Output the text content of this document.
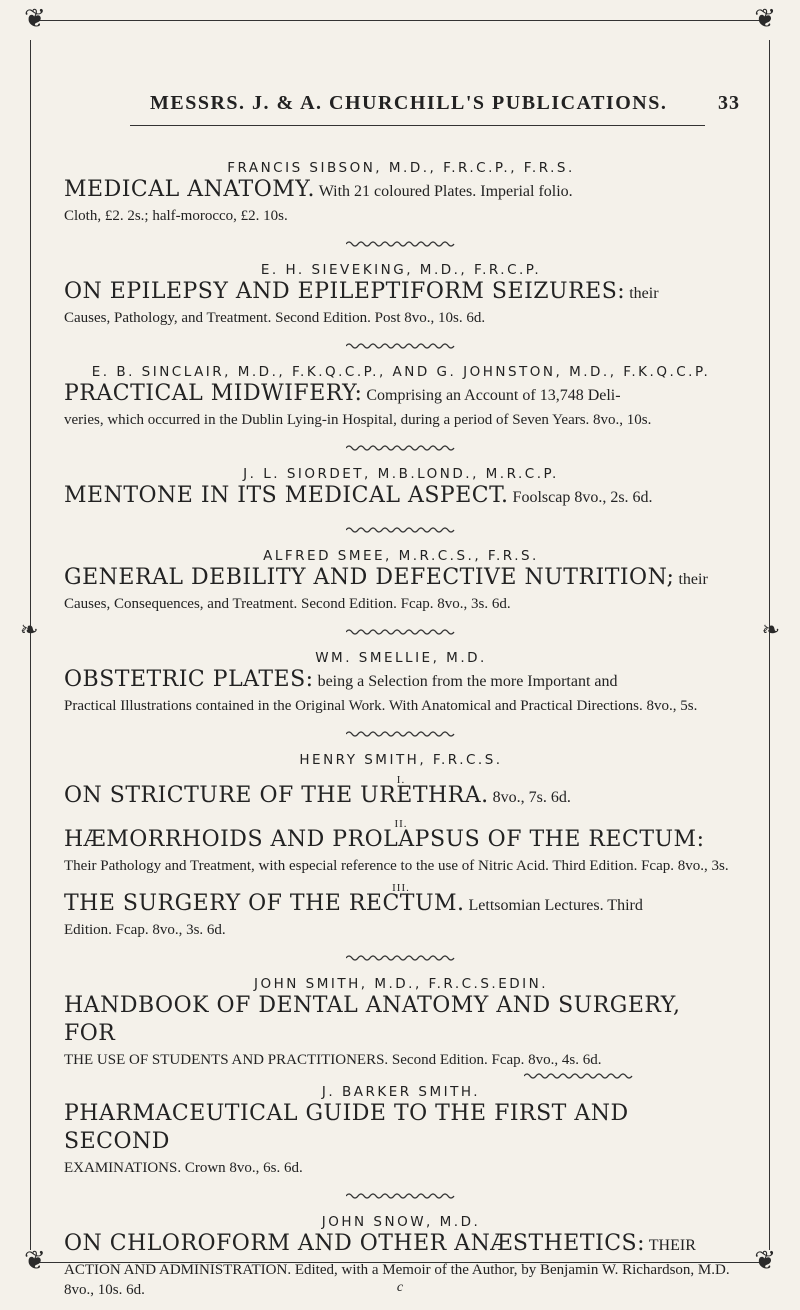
❦	❦
❦	❦
❧	❧
MESSRS. J. & A. CHURCHILL'S PUBLICATIONS.	33

FRANCIS SIBSON, M.D., F.R.C.P., F.R.S.

MEDICAL ANATOMY. With 21 coloured Plates. Imperial folio.

Cloth, £2. 2s.; half-morocco, £2. 10s.

E. H. SIEVEKING, M.D., F.R.C.P.

ON EPILEPSY AND EPILEPTIFORM SEIZURES: their

Causes, Pathology, and Treatment. Second Edition. Post 8vo., 10s. 6d.

E. B. SINCLAIR, M.D., F.K.Q.C.P., AND G. JOHNSTON, M.D., F.K.Q.C.P.

PRACTICAL MIDWIFERY: Comprising an Account of 13,748 Deli-

veries, which occurred in the Dublin Lying-in Hospital, during a period of Seven Years. 8vo., 10s.

J. L. SIORDET, M.B.LOND., M.R.C.P.

MENTONE IN ITS MEDICAL ASPECT. Foolscap 8vo., 2s. 6d.

ALFRED SMEE, M.R.C.S., F.R.S.

GENERAL DEBILITY AND DEFECTIVE NUTRITION; their

Causes, Consequences, and Treatment. Second Edition. Fcap. 8vo., 3s. 6d.

WM. SMELLIE, M.D.

OBSTETRIC PLATES: being a Selection from the more Important and

Practical Illustrations contained in the Original Work. With Anatomical and Practical Directions. 8vo., 5s.

HENRY SMITH, F.R.C.S.

I.

ON STRICTURE OF THE URETHRA. 8vo., 7s. 6d.

II.

HÆMORRHOIDS AND PROLAPSUS OF THE RECTUM:

Their Pathology and Treatment, with especial reference to the use of Nitric Acid. Third Edition. Fcap. 8vo., 3s.

III.

THE SURGERY OF THE RECTUM. Lettsomian Lectures. Third

Edition. Fcap. 8vo., 3s. 6d.

JOHN SMITH, M.D., F.R.C.S.EDIN.

HANDBOOK OF DENTAL ANATOMY AND SURGERY, FOR

THE USE OF STUDENTS AND PRACTITIONERS. Second Edition. Fcap. 8vo., 4s. 6d.

J. BARKER SMITH.

PHARMACEUTICAL GUIDE TO THE FIRST AND SECOND

EXAMINATIONS. Crown 8vo., 6s. 6d.

JOHN SNOW, M.D.

ON CHLOROFORM AND OTHER ANÆSTHETICS: THEIR

ACTION AND ADMINISTRATION. Edited, with a Memoir of the Author, by Benjamin W. Richardson, M.D. 8vo., 10s. 6d.	c
